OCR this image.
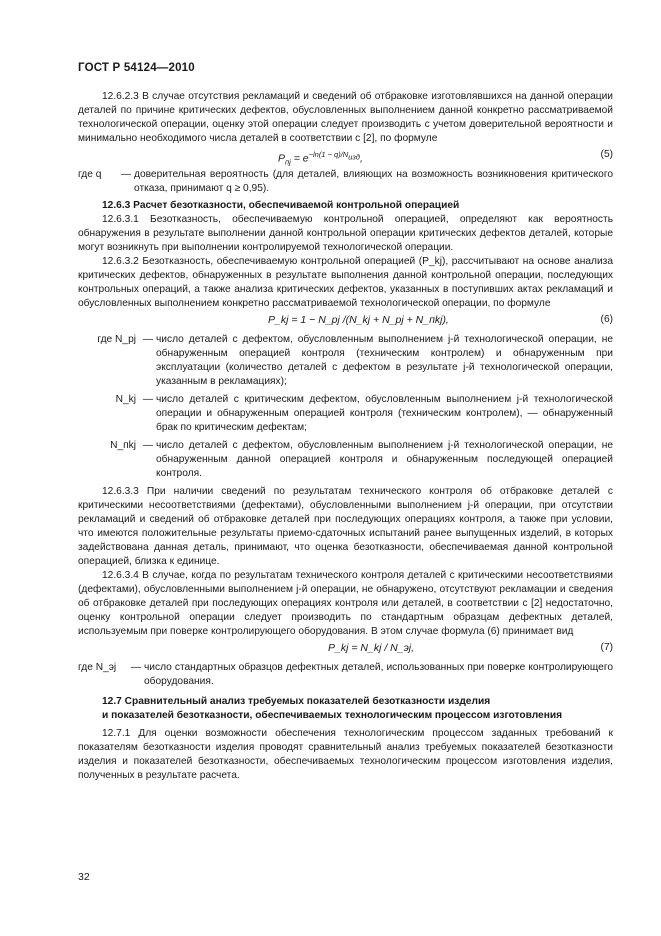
ГОСТ Р 54124—2010

12.6.2.3 В случае отсутствия рекламаций и сведений об отбраковке изготовлявшихся на данной операции деталей по причине критических дефектов, обусловленных выполнением данной конкретно рассматриваемой технологической операции, оценку этой операции следует производить с учетом доверительной вероятности и минимально необходимого числа деталей в соответствии с [2], по формуле

$P_{пj} = e^{-ln(1 - q)/N_{изд}}$,	(5)
где q	— доверительная вероятность (для деталей, влияющих на возможность возникновения критического отказа, принимают q ≥ 0,95).

12.6.3 Расчет безотказности, обеспечиваемой контрольной операцией

12.6.3.1 Безотказность, обеспечиваемую контрольной операцией, определяют как вероятность обнаружения в результате выполнении данной контрольной операции критических дефектов деталей, которые могут возникнуть при выполнении контролируемой технологической операции.

12.6.3.2 Безотказность, обеспечиваемую контрольной операцией (P_kj), рассчитывают на основе анализа критических дефектов, обнаруженных в результате выполнения данной контрольной операции, последующих контрольных операций, а также анализа критических дефектов, указанных в поступивших актах рекламаций и обусловленных выполнением конкретно рассматриваемой технологической операции, по формуле

P_kj = 1 − N_pj /(N_kj + N_pj + N_пkj),	(6)
где N_pj — число деталей с дефектом, обусловленным выполнением j-й технологической операции, не обнаруженным операцией контроля (техническим контролем) и обнаруженным при эксплуатации (количество деталей с дефектом в результате j-й технологической операции, указанным в рекламациях);
N_kj — число деталей с критическим дефектом, обусловленным выполнением j-й технологической операции и обнаруженным операцией контроля (техническим контролем), — обнаруженный брак по критическим дефектам;
N_пkj — число деталей с дефектом, обусловленным выполнением j-й технологической операции, не обнаруженным данной операцией контроля и обнаруженным последующей операцией контроля.

12.6.3.3 При наличии сведений по результатам технического контроля об отбраковке деталей с критическими несоответствиями (дефектами), обусловленными выполнением j-й операции, при отсутствии рекламаций и сведений об отбраковке деталей при последующих операциях контроля, а также при условии, что имеются положительные результаты приемо-сдаточных испытаний ранее выпущенных изделий, в которых задействована данная деталь, принимают, что оценка безотказности, обеспечиваемая данной контрольной операцией, близка к единице.

12.6.3.4 В случае, когда по результатам технического контроля деталей с критическими несоответствиями (дефектами), обусловленными выполнением j-й операции, не обнаружено, отсутствуют рекламации и сведения об отбраковке деталей при последующих операциях контроля или деталей, в соответствии с [2] недостаточно, оценку контрольной операции следует производить по стандартным образцам дефектных деталей, используемым при поверке контролирующего оборудования. В этом случае формула (6) принимает вид

P_kj = N_kj / N_эj,	(7)
где N_эj	— число стандартных образцов дефектных деталей, использованных при поверке контролирующего оборудования.
12.7 Сравнительный анализ требуемых показателей безотказности изделия
и показателей безотказности, обеспечиваемых технологическим процессом изготовления

12.7.1 Для оценки возможности обеспечения технологическим процессом заданных требований к показателям безотказности изделия проводят сравнительный анализ требуемых показателей безотказности изделия и показателей безотказности, обеспечиваемых технологическим процессом изготовления изделия, полученных в результате расчета.

32
